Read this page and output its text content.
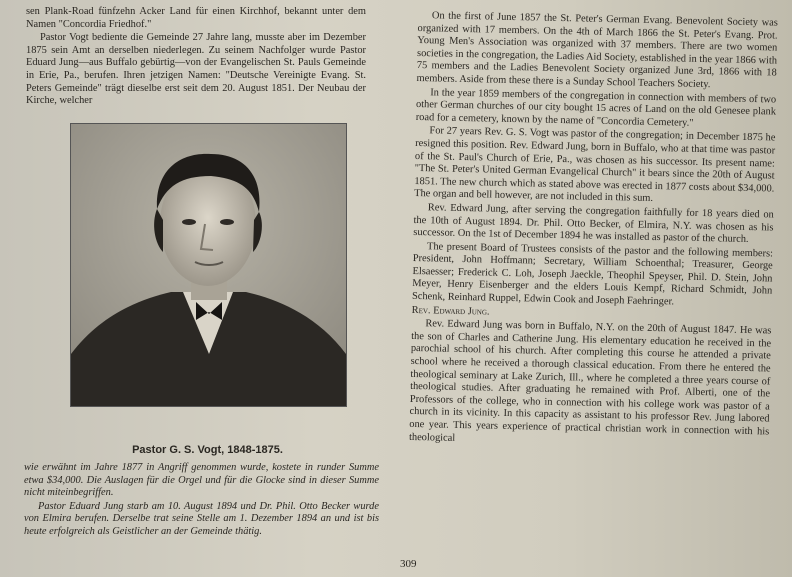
sen Plank-Road fünfzehn Acker Land für einen Kirchhof, bekannt unter dem Namen "Concordia Friedhof."

Pastor Vogt bediente die Gemeinde 27 Jahre lang, musste aber im Dezember 1875 sein Amt an derselben niederlegen. Zu seinem Nachfolger wurde Pastor Eduard Jung—aus Buffalo gebürtig—von der Evangelischen St. Pauls Gemeinde in Erie, Pa., berufen. Ihren jetzigen Namen: "Deutsche Vereinigte Evang. St. Peters Gemeinde" trägt dieselbe erst seit dem 20. August 1851. Der Neubau der Kirche, welcher

Pastor G. S. Vogt, 1848-1875.

wie erwähnt im Jahre 1877 in Angriff genommen wurde, kostete in runder Summe etwa $34,000. Die Auslagen für die Orgel und für die Glocke sind in dieser Summe nicht miteinbegriffen.

Pastor Eduard Jung starb am 10. August 1894 und Dr. Phil. Otto Becker wurde von Elmira berufen. Derselbe trat seine Stelle am 1. Dezember 1894 an und ist bis heute erfolgreich als Geistlicher an der Gemeinde thätig.

On the first of June 1857 the St. Peter's German Evang. Benevolent Society was organized with 17 members. On the 4th of March 1866 the St. Peter's Evang. Prot. Young Men's Association was organized with 37 members. There are two women societies in the congregation, the Ladies Aid Society, established in the year 1866 with 75 members and the Ladies Benevolent Society organized June 3rd, 1866 with 18 members. Aside from these there is a Sunday School Teachers Society.

In the year 1859 members of the congregation in connection with members of two other German churches of our city bought 15 acres of Land on the old Genesee plank road for a cemetery, known by the name of "Concordia Cemetery."

For 27 years Rev. G. S. Vogt was pastor of the congregation; in December 1875 he resigned this position. Rev. Edward Jung, born in Buffalo, who at that time was pastor of the St. Paul's Church of Erie, Pa., was chosen as his successor. Its present name: "The St. Peter's United German Evangelical Church" it bears since the 20th of August 1851. The new church which as stated above was erected in 1877 costs about $34,000. The organ and bell however, are not included in this sum.

Rev. Edward Jung, after serving the congregation faithfully for 18 years died on the 10th of August 1894. Dr. Phil. Otto Becker, of Elmira, N.Y. was chosen as his successor. On the 1st of December 1894 he was installed as pastor of the church.

The present Board of Trustees consists of the pastor and the following members: President, John Hoffmann; Secretary, William Schoenthal; Treasurer, George Elsaesser; Frederick C. Loh, Joseph Jaeckle, Theophil Speyser, Phil. D. Stein, John Meyer, Henry Eisenberger and the elders Louis Kempf, Richard Schmidt, John Schenk, Reinhard Ruppel, Edwin Cook and Joseph Faehringer.

Rev. Edward Jung.

Rev. Edward Jung was born in Buffalo, N.Y. on the 20th of August 1847. He was the son of Charles and Catherine Jung. His elementary education he received in the parochial school of his church. After completing this course he attended a private school where he received a thorough classical education. From there he entered the theological seminary at Lake Zurich, Ill., where he completed a three years course of theological studies. After graduating he remained with Prof. Alberti, one of the Professors of the college, who in connection with his college work was pastor of a church in its vicinity. In this capacity as assistant to his professor Rev. Jung labored one year. This years experience of practical christian work in connection with his theological

309
